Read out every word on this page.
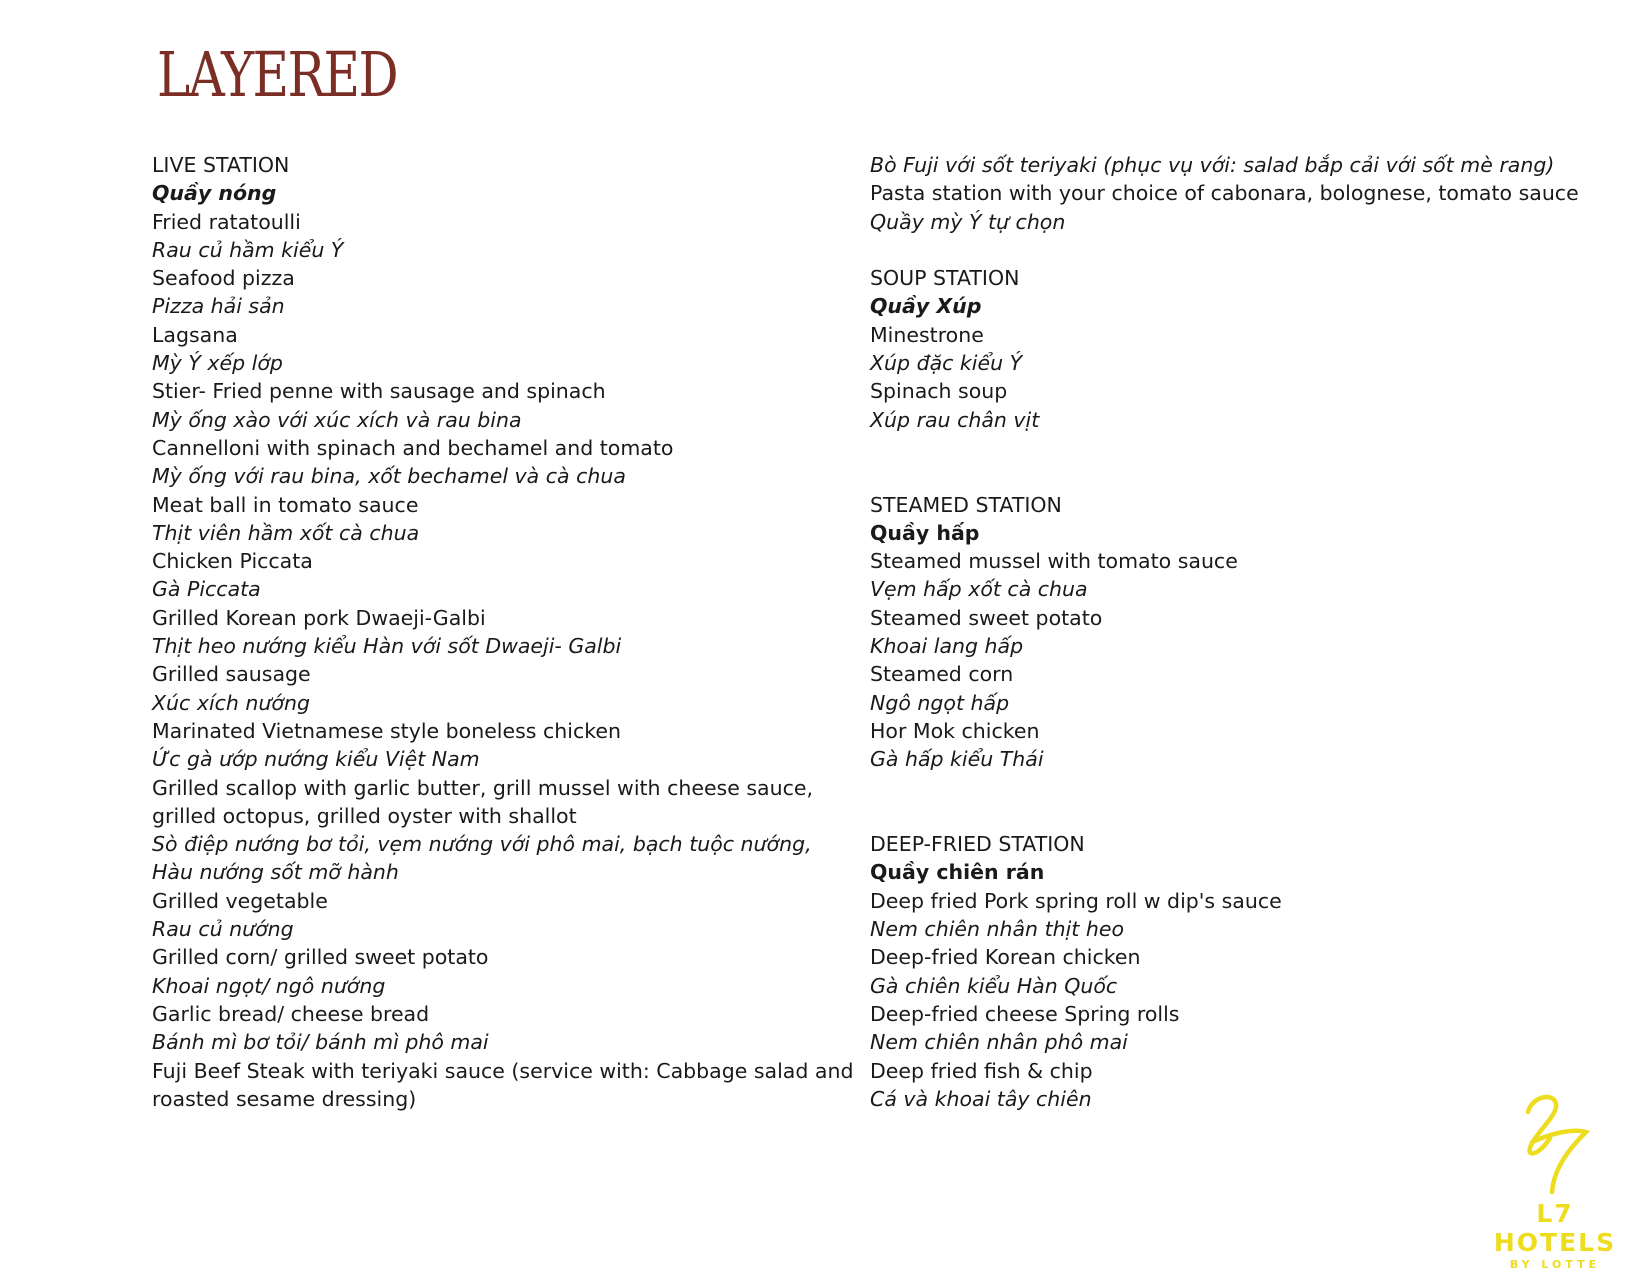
LAYERED
LIVE STATION
Quầy nóng
Fried ratatoulli
Rau củ hầm kiểu Ý
Seafood pizza
Pizza hải sản
Lagsana
Mỳ Ý xếp lớp
Stier- Fried penne with sausage and spinach
Mỳ ống xào với xúc xích và rau bina
Cannelloni with spinach and bechamel and tomato
Mỳ ống với rau bina, xốt bechamel và cà chua
Meat ball in tomato sauce
Thịt viên hầm xốt cà chua
Chicken Piccata
Gà Piccata
Grilled Korean pork Dwaeji-Galbi
Thịt heo nướng kiểu Hàn với sốt Dwaeji- Galbi
Grilled sausage
Xúc xích nướng
Marinated Vietnamese style boneless chicken
Ức gà ướp nướng kiểu Việt Nam
Grilled scallop with garlic butter, grill mussel with cheese sauce,
grilled octopus, grilled oyster with shallot
Sò điệp nướng bơ tỏi, vẹm nướng với phô mai, bạch tuộc nướng,
Hàu nướng sốt mỡ hành
Grilled vegetable
Rau củ nướng
Grilled corn/ grilled sweet potato
Khoai ngọt/ ngô nướng
Garlic bread/ cheese bread
Bánh mì bơ tỏi/ bánh mì phô mai
Fuji Beef Steak with teriyaki sauce (service with: Cabbage salad and
roasted sesame dressing)
Bò Fuji với sốt teriyaki (phục vụ với: salad bắp cải với sốt mè rang)
Pasta station with your choice of cabonara, bolognese, tomato sauce
Quầy mỳ Ý tự chọn
SOUP STATION
Quầy Xúp
Minestrone
Xúp đặc kiểu Ý
Spinach soup
Xúp rau chân vịt
STEAMED STATION
Quầy hấp
Steamed mussel with tomato sauce
Vẹm hấp xốt cà chua
Steamed sweet potato
Khoai lang hấp
Steamed corn
Ngô ngọt hấp
Hor Mok chicken
Gà hấp kiểu Thái
DEEP-FRIED STATION
Quầy chiên rán
Deep fried Pork spring roll w dip's sauce
Nem chiên nhân thịt heo
Deep-fried Korean chicken
Gà chiên kiểu Hàn Quốc
Deep-fried cheese Spring rolls
Nem chiên nhân phô mai
Deep fried fish & chip
Cá và khoai tây chiên
L7 HOTELS
BY LOTTE
